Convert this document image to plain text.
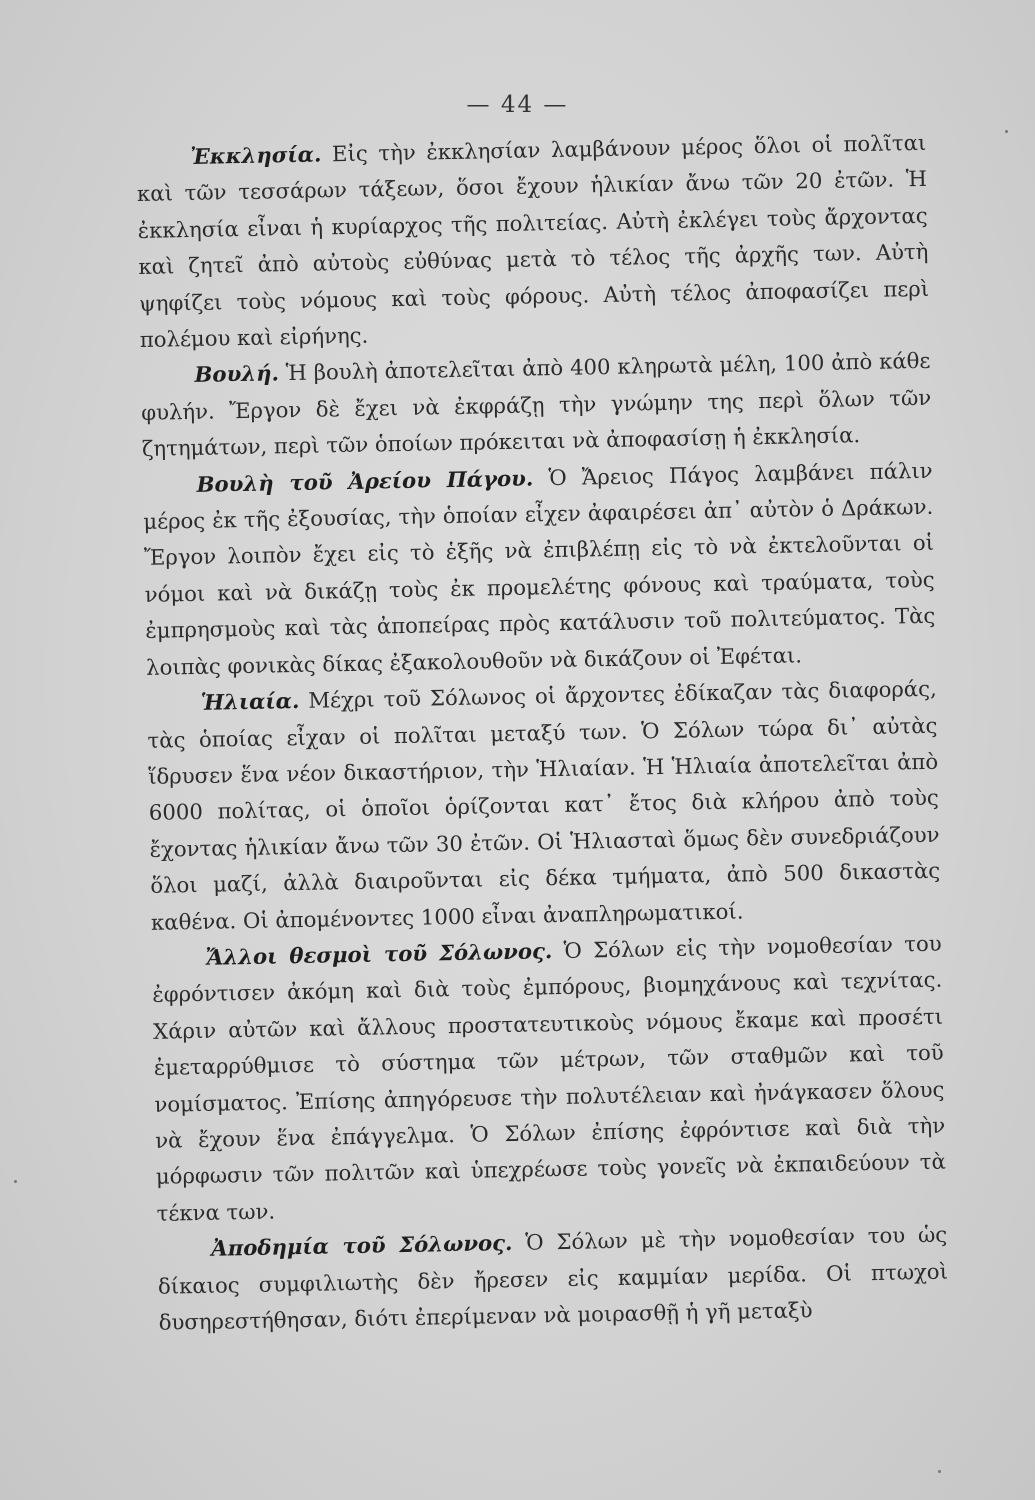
— 44 —

Ἐκκλησία. Εἰς τὴν ἐκκλησίαν λαμβάνουν μέρος ὅλοι οἱ πολῖται καὶ τῶν τεσσάρων τάξεων, ὅσοι ἔχουν ἡλικίαν ἄνω τῶν 20 ἐτῶν. Ἡ ἐκκλησία εἶναι ἡ κυρίαρχος τῆς πολιτείας. Αὐτὴ ἐκλέγει τοὺς ἄρχοντας καὶ ζητεῖ ἀπὸ αὐτοὺς εὐθύνας μετὰ τὸ τέλος τῆς ἀρχῆς των. Αὐτὴ ψηφίζει τοὺς νόμους καὶ τοὺς φόρους. Αὐτὴ τέλος ἀποφασίζει περὶ πολέμου καὶ εἰρήνης.

Βουλή. Ἡ βουλὴ ἀποτελεῖται ἀπὸ 400 κληρωτὰ μέλη, 100 ἀπὸ κάθε φυλήν. Ἔργον δὲ ἔχει νὰ ἐκφράζῃ τὴν γνώμην της περὶ ὅλων τῶν ζητημάτων, περὶ τῶν ὁποίων πρόκειται νὰ ἀποφασίσῃ ἡ ἐκκλησία.

Βουλὴ τοῦ Ἀρείου Πάγου. Ὁ Ἄρειος Πάγος λαμβάνει πάλιν μέρος ἐκ τῆς ἐξουσίας, τὴν ὁποίαν εἶχεν ἀφαιρέσει ἀπ᾽ αὐτὸν ὁ Δράκων. Ἔργον λοιπὸν ἔχει εἰς τὸ ἑξῆς νὰ ἐπιβλέπῃ εἰς τὸ νὰ ἐκτελοῦνται οἱ νόμοι καὶ νὰ δικάζῃ τοὺς ἐκ προμελέτης φόνους καὶ τραύματα, τοὺς ἐμπρησμοὺς καὶ τὰς ἀποπείρας πρὸς κατάλυσιν τοῦ πολιτεύματος. Τὰς λοιπὰς φονικὰς δίκας ἐξακολουθοῦν νὰ δικάζουν οἱ Ἐφέται.

Ἡλιαία. Μέχρι τοῦ Σόλωνος οἱ ἄρχοντες ἐδίκαζαν τὰς διαφοράς, τὰς ὁποίας εἶχαν οἱ πολῖται μεταξύ των. Ὁ Σόλων τώρα δι᾽ αὐτὰς ἵδρυσεν ἕνα νέον δικαστήριον, τὴν Ἡλιαίαν. Ἡ Ἡλιαία ἀποτελεῖται ἀπὸ 6000 πολίτας, οἱ ὁποῖοι ὁρίζονται κατ᾽ ἔτος διὰ κλήρου ἀπὸ τοὺς ἔχοντας ἡλικίαν ἄνω τῶν 30 ἐτῶν. Οἱ Ἡλιασταὶ ὅμως δὲν συνεδριάζουν ὅλοι μαζί, ἀλλὰ διαιροῦνται εἰς δέκα τμήματα, ἀπὸ 500 δικαστὰς καθένα. Οἱ ἀπομένοντες 1000 εἶναι ἀναπληρωματικοί.

Ἄλλοι θεσμοὶ τοῦ Σόλωνος. Ὁ Σόλων εἰς τὴν νομοθεσίαν του ἐφρόντισεν ἀκόμη καὶ διὰ τοὺς ἐμπόρους, βιομηχάνους καὶ τεχνίτας. Χάριν αὐτῶν καὶ ἄλλους προστατευτικοὺς νόμους ἔκαμε καὶ προσέτι ἐμεταρρύθμισε τὸ σύστημα τῶν μέτρων, τῶν σταθμῶν καὶ τοῦ νομίσματος. Ἐπίσης ἀπηγόρευσε τὴν πολυτέλειαν καὶ ἠνάγκασεν ὅλους νὰ ἔχουν ἕνα ἐπάγγελμα. Ὁ Σόλων ἐπίσης ἐφρόντισε καὶ διὰ τὴν μόρφωσιν τῶν πολιτῶν καὶ ὑπεχρέωσε τοὺς γονεῖς νὰ ἐκπαιδεύουν τὰ τέκνα των.

Ἀποδημία τοῦ Σόλωνος. Ὁ Σόλων μὲ τὴν νομοθεσίαν του ὡς δίκαιος συμφιλιωτὴς δὲν ἤρεσεν εἰς καμμίαν μερίδα. Οἱ πτωχοὶ δυσηρεστήθησαν, διότι ἐπερίμεναν νὰ μοιρασθῇ ἡ γῆ μεταξὺ
